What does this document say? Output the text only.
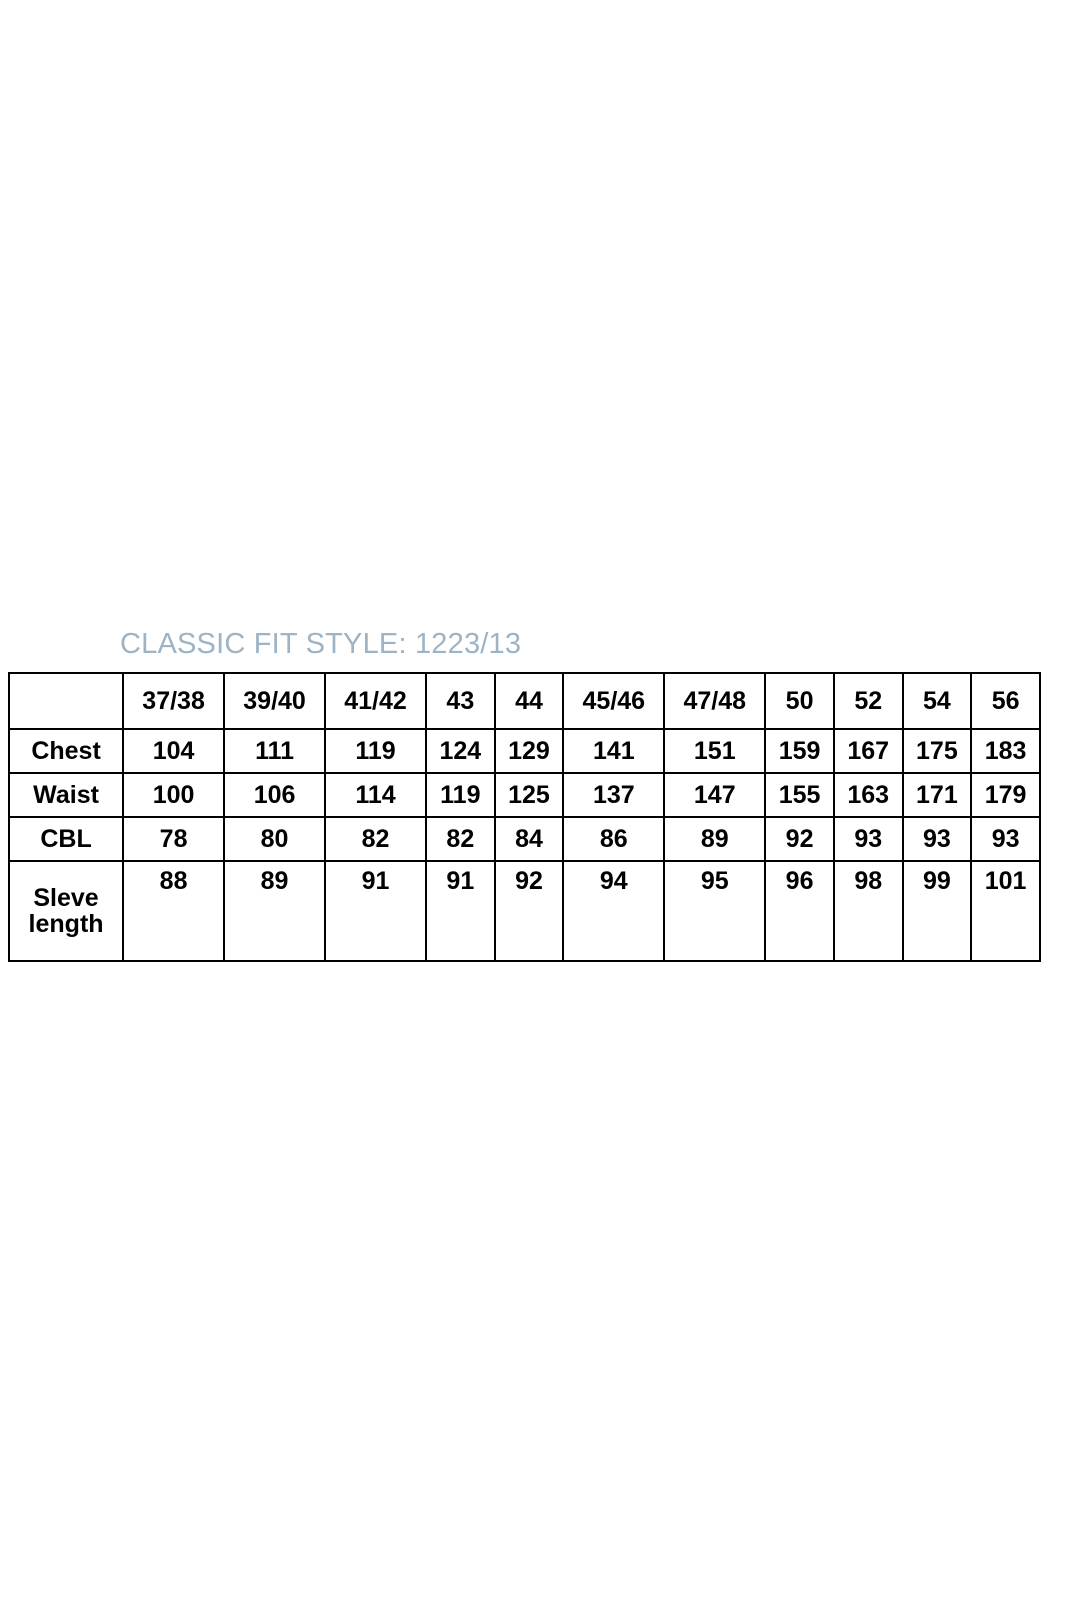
CLASSIC FIT STYLE: 1223/13
	37/38	39/40	41/42	43	44	45/46	47/48	50	52	54	56
Chest	104	111	119	124	129	141	151	159	167	175	183
Waist	100	106	114	119	125	137	147	155	163	171	179
CBL	78	80	82	82	84	86	89	92	93	93	93
Sleve length	88	89	91	91	92	94	95	96	98	99	101
